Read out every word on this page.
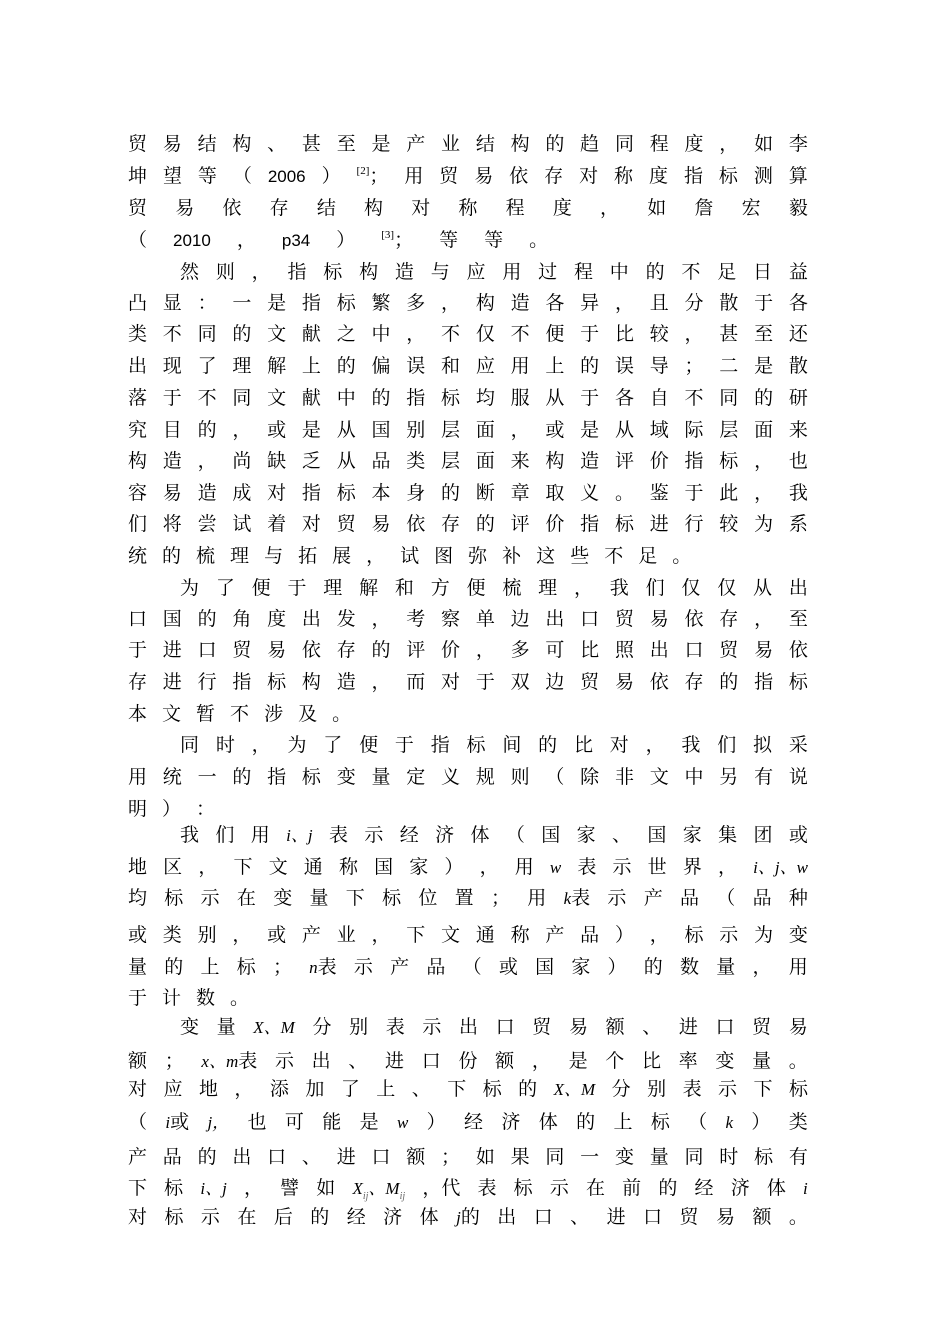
贸 易 结 构 、 甚 至 是 产 业 结 构 的 趋 同 程 度 ， 如 李
坤 望 等 （ 2006 ） [2]； 用 贸 易 依 存 对 称 度 指 标 测 算
贸 易 依 存 结 构 对 称 程 度 ， 如 詹 宏 毅
（ 2010 ， p34 ） [3]； 等 等 。
然 则 ， 指 标 构 造 与 应 用 过 程 中 的 不 足 日 益
凸 显 ： 一 是 指 标 繁 多 ， 构 造 各 异 ， 且 分 散 于 各
类 不 同 的 文 献 之 中 ， 不 仅 不 便 于 比 较 ， 甚 至 还
出 现 了 理 解 上 的 偏 误 和 应 用 上 的 误 导 ； 二 是 散
落 于 不 同 文 献 中 的 指 标 均 服 从 于 各 自 不 同 的 研
究 目 的 ， 或 是 从 国 别 层 面 ， 或 是 从 域 际 层 面 来
构 造 ， 尚 缺 乏 从 品 类 层 面 来 构 造 评 价 指 标 ， 也
容 易 造 成 对 指 标 本 身 的 断 章 取 义 。 鉴 于 此 ， 我
们 将 尝 试 着 对 贸 易 依 存 的 评 价 指 标 进 行 较 为 系
统 的 梳 理 与 拓 展 ， 试 图 弥 补 这 些 不 足 。
为 了 便 于 理 解 和 方 便 梳 理 ， 我 们 仅 仅 从 出
口 国 的 角 度 出 发 ， 考 察 单 边 出 口 贸 易 依 存 ， 至
于 进 口 贸 易 依 存 的 评 价 ， 多 可 比 照 出 口 贸 易 依
存 进 行 指 标 构 造 ， 而 对 于 双 边 贸 易 依 存 的 指 标
本 文 暂 不 涉 及 。
同 时 ， 为 了 便 于 指 标 间 的 比 对 ， 我 们 拟 采
用 统 一 的 指 标 变 量 定 义 规 则 （ 除 非 文 中 另 有 说
明 ） ：
我 们 用 i、j 表 示 经 济 体 （ 国 家 、 国 家 集 团 或
地 区 ， 下 文 通 称 国 家 ） ， 用 w 表 示 世 界 ， i、j、w
均 标 示 在 变 量 下 标 位 置 ； 用 k表 示 产 品 （ 品 种
或 类 别 ， 或 产 业 ， 下 文 通 称 产 品 ） ， 标 示 为 变
量 的 上 标 ； n表 示 产 品 （ 或 国 家 ） 的 数 量 ， 用
于 计 数 。
变 量 X、M 分 别 表 示 出 口 贸 易 额 、 进 口 贸 易
额 ； x、m表 示 出 、 进 口 份 额 ， 是 个 比 率 变 量 。
对 应 地 ， 添 加 了 上 、 下 标 的 X、M 分 别 表 示 下 标
（ i或 j， 也 可 能 是 w ） 经 济 体 的 上 标 （ k ） 类
产 品 的 出 口 、 进 口 额 ； 如 果 同 一 变 量 同 时 标 有
下 标 i、j ， 譬 如 Xij、Mij ，代 表 标 示 在 前 的 经 济 体 i
对 标 示 在 后 的 经 济 体 j的 出 口 、 进 口 贸 易 额 。
